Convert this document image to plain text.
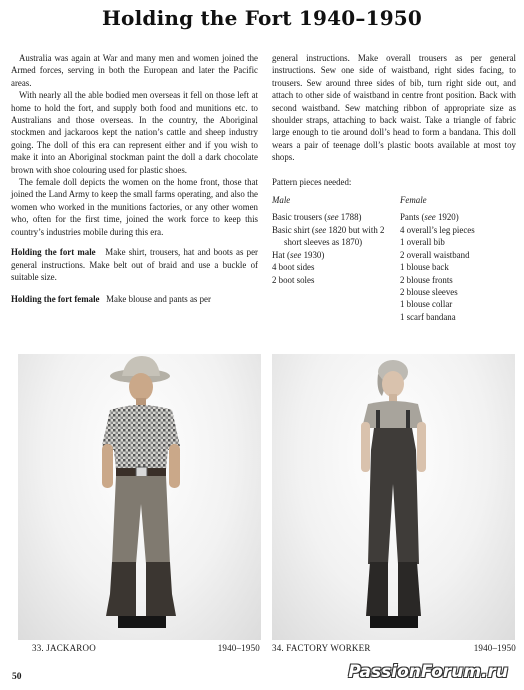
Holding the Fort 1940–1950

Australia was again at War and many men and women joined the Armed forces, serving in both the European and later the Pacific areas.

With nearly all the able bodied men overseas it fell on those left at home to hold the fort, and supply both food and munitions etc. to Australians and those overseas. In the country, the Aboriginal stockmen and jackaroos kept the nation’s cattle and sheep industry going. The doll of this era can represent either and if you wish to make it into an Aboriginal stockman paint the doll a dark chocolate brown with shoe colouring used for plastic shoes.

The female doll depicts the women on the home front, those that joined the Land Army to keep the small farms operating, and also the women who worked in the munitions factories, or any other women who, often for the first time, joined the work force to keep this country’s industries mobile during this era.

Holding the fort male Make shirt, trousers, hat and boots as per general instructions. Make belt out of braid and use a buckle of suitable size.

Holding the fort female Make blouse and pants as per

general instructions. Make overall trousers as per general instructions. Sew one side of waistband, right sides facing, to trousers. Sew around three sides of bib, turn right side out, and attach to other side of waistband in centre front position. Back with second waistband. Sew matching ribbon of appropriate size as shoulder straps, attaching to back waist. Take a triangle of fabric large enough to tie around doll’s head to form a bandana. This doll wears a pair of teenage doll’s plastic boots available at most toy shops.

Pattern pieces needed:

Male
Basic trousers (see 1788)
Basic shirt (see 1820 but with 2 short sleeves as 1870)
Hat (see 1930)
4 boot sides
2 boot soles
Female
Pants (see 1920)
4 overall’s leg pieces
1 overall bib
2 overall waistband
1 blouse back
2 blouse fronts
2 blouse sleeves
1 blouse collar
1 scarf bandana
33. JACKAROO	1940–1950 34. FACTORY WORKER	1940–1950
50	PassionForum.ru
